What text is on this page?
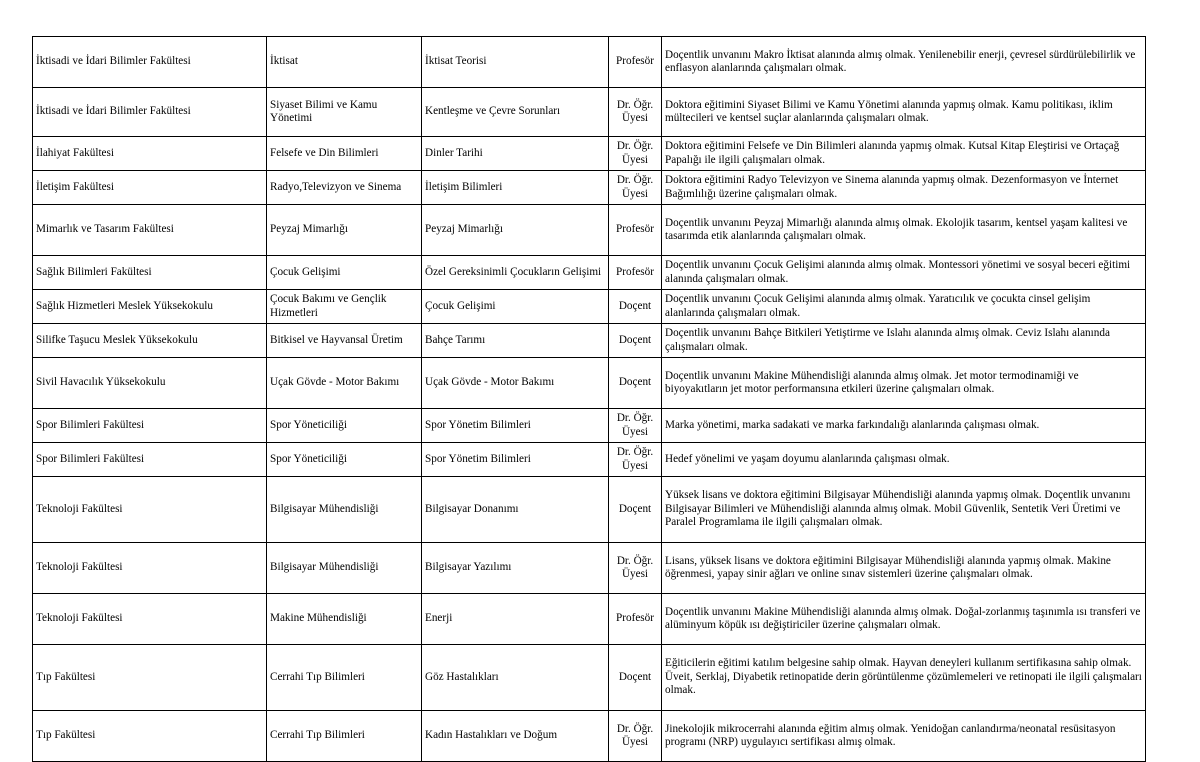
İktisadi ve İdari Bilimler Fakültesi	İktisat	İktisat Teorisi	Profesör	Doçentlik unvanını Makro İktisat alanında almış olmak. Yenilenebilir enerji, çevresel sürdürülebilirlik ve enflasyon alanlarında çalışmaları olmak.
İktisadi ve İdari Bilimler Fakültesi	Siyaset Bilimi ve Kamu Yönetimi	Kentleşme ve Çevre Sorunları	Dr. Öğr. Üyesi	Doktora eğitimini Siyaset Bilimi ve Kamu Yönetimi alanında yapmış olmak. Kamu politikası, iklim mültecileri ve kentsel suçlar alanlarında çalışmaları olmak.
İlahiyat Fakültesi	Felsefe ve Din Bilimleri	Dinler Tarihi	Dr. Öğr. Üyesi	Doktora eğitimini Felsefe ve Din Bilimleri alanında yapmış olmak. Kutsal Kitap Eleştirisi ve Ortaçağ Papalığı ile ilgili çalışmaları olmak.
İletişim Fakültesi	Radyo,Televizyon ve Sinema	İletişim Bilimleri	Dr. Öğr. Üyesi	Doktora eğitimini Radyo Televizyon ve Sinema alanında yapmış olmak. Dezenformasyon ve İnternet Bağımlılığı üzerine çalışmaları olmak.
Mimarlık ve Tasarım Fakültesi	Peyzaj Mimarlığı	Peyzaj Mimarlığı	Profesör	Doçentlik unvanını Peyzaj Mimarlığı alanında almış olmak. Ekolojik tasarım, kentsel yaşam kalitesi ve tasarımda etik alanlarında çalışmaları olmak.
Sağlık Bilimleri Fakültesi	Çocuk Gelişimi	Özel Gereksinimli Çocukların Gelişimi	Profesör	Doçentlik unvanını Çocuk Gelişimi alanında almış olmak. Montessori yönetimi ve sosyal beceri eğitimi alanında çalışmaları olmak.
Sağlık Hizmetleri Meslek Yüksekokulu	Çocuk Bakımı ve Gençlik Hizmetleri	Çocuk Gelişimi	Doçent	Doçentlik unvanını Çocuk Gelişimi alanında almış olmak. Yaratıcılık ve çocukta cinsel gelişim alanlarında çalışmaları olmak.
Silifke Taşucu Meslek Yüksekokulu	Bitkisel ve Hayvansal Üretim	Bahçe Tarımı	Doçent	Doçentlik unvanını Bahçe Bitkileri Yetiştirme ve Islahı alanında almış olmak. Ceviz Islahı alanında çalışmaları olmak.
Sivil Havacılık Yüksekokulu	Uçak Gövde - Motor Bakımı	Uçak Gövde - Motor Bakımı	Doçent	Doçentlik unvanını Makine Mühendisliği alanında almış olmak. Jet motor termodinamiği ve biyoyakıtların jet motor performansına etkileri üzerine çalışmaları olmak.
Spor Bilimleri Fakültesi	Spor Yöneticiliği	Spor Yönetim Bilimleri	Dr. Öğr. Üyesi	Marka yönetimi, marka sadakati ve marka farkındalığı alanlarında çalışması olmak.
Spor Bilimleri Fakültesi	Spor Yöneticiliği	Spor Yönetim Bilimleri	Dr. Öğr. Üyesi	Hedef yönelimi ve yaşam doyumu alanlarında çalışması olmak.
Teknoloji Fakültesi	Bilgisayar Mühendisliği	Bilgisayar Donanımı	Doçent	Yüksek lisans ve doktora eğitimini Bilgisayar Mühendisliği alanında yapmış olmak. Doçentlik unvanını Bilgisayar Bilimleri ve Mühendisliği alanında almış olmak. Mobil Güvenlik, Sentetik Veri Üretimi ve Paralel Programlama ile ilgili çalışmaları olmak.
Teknoloji Fakültesi	Bilgisayar Mühendisliği	Bilgisayar Yazılımı	Dr. Öğr. Üyesi	Lisans, yüksek lisans ve doktora eğitimini Bilgisayar Mühendisliği alanında yapmış olmak. Makine öğrenmesi, yapay sinir ağları ve online sınav sistemleri üzerine çalışmaları olmak.
Teknoloji Fakültesi	Makine Mühendisliği	Enerji	Profesör	Doçentlik unvanını Makine Mühendisliği alanında almış olmak. Doğal-zorlanmış taşınımla ısı transferi ve alüminyum köpük ısı değiştiriciler üzerine çalışmaları olmak.
Tıp Fakültesi	Cerrahi Tıp Bilimleri	Göz Hastalıkları	Doçent	Eğiticilerin eğitimi katılım belgesine sahip olmak. Hayvan deneyleri kullanım sertifikasına sahip olmak. Üveit, Serklaj, Diyabetik retinopatide derin görüntülenme çözümlemeleri ve retinopati ile ilgili çalışmaları olmak.
Tıp Fakültesi	Cerrahi Tıp Bilimleri	Kadın Hastalıkları ve Doğum	Dr. Öğr. Üyesi	Jinekolojik mikrocerrahi alanında eğitim almış olmak. Yenidoğan canlandırma/neonatal resüsitasyon programı (NRP) uygulayıcı sertifikası almış olmak.
